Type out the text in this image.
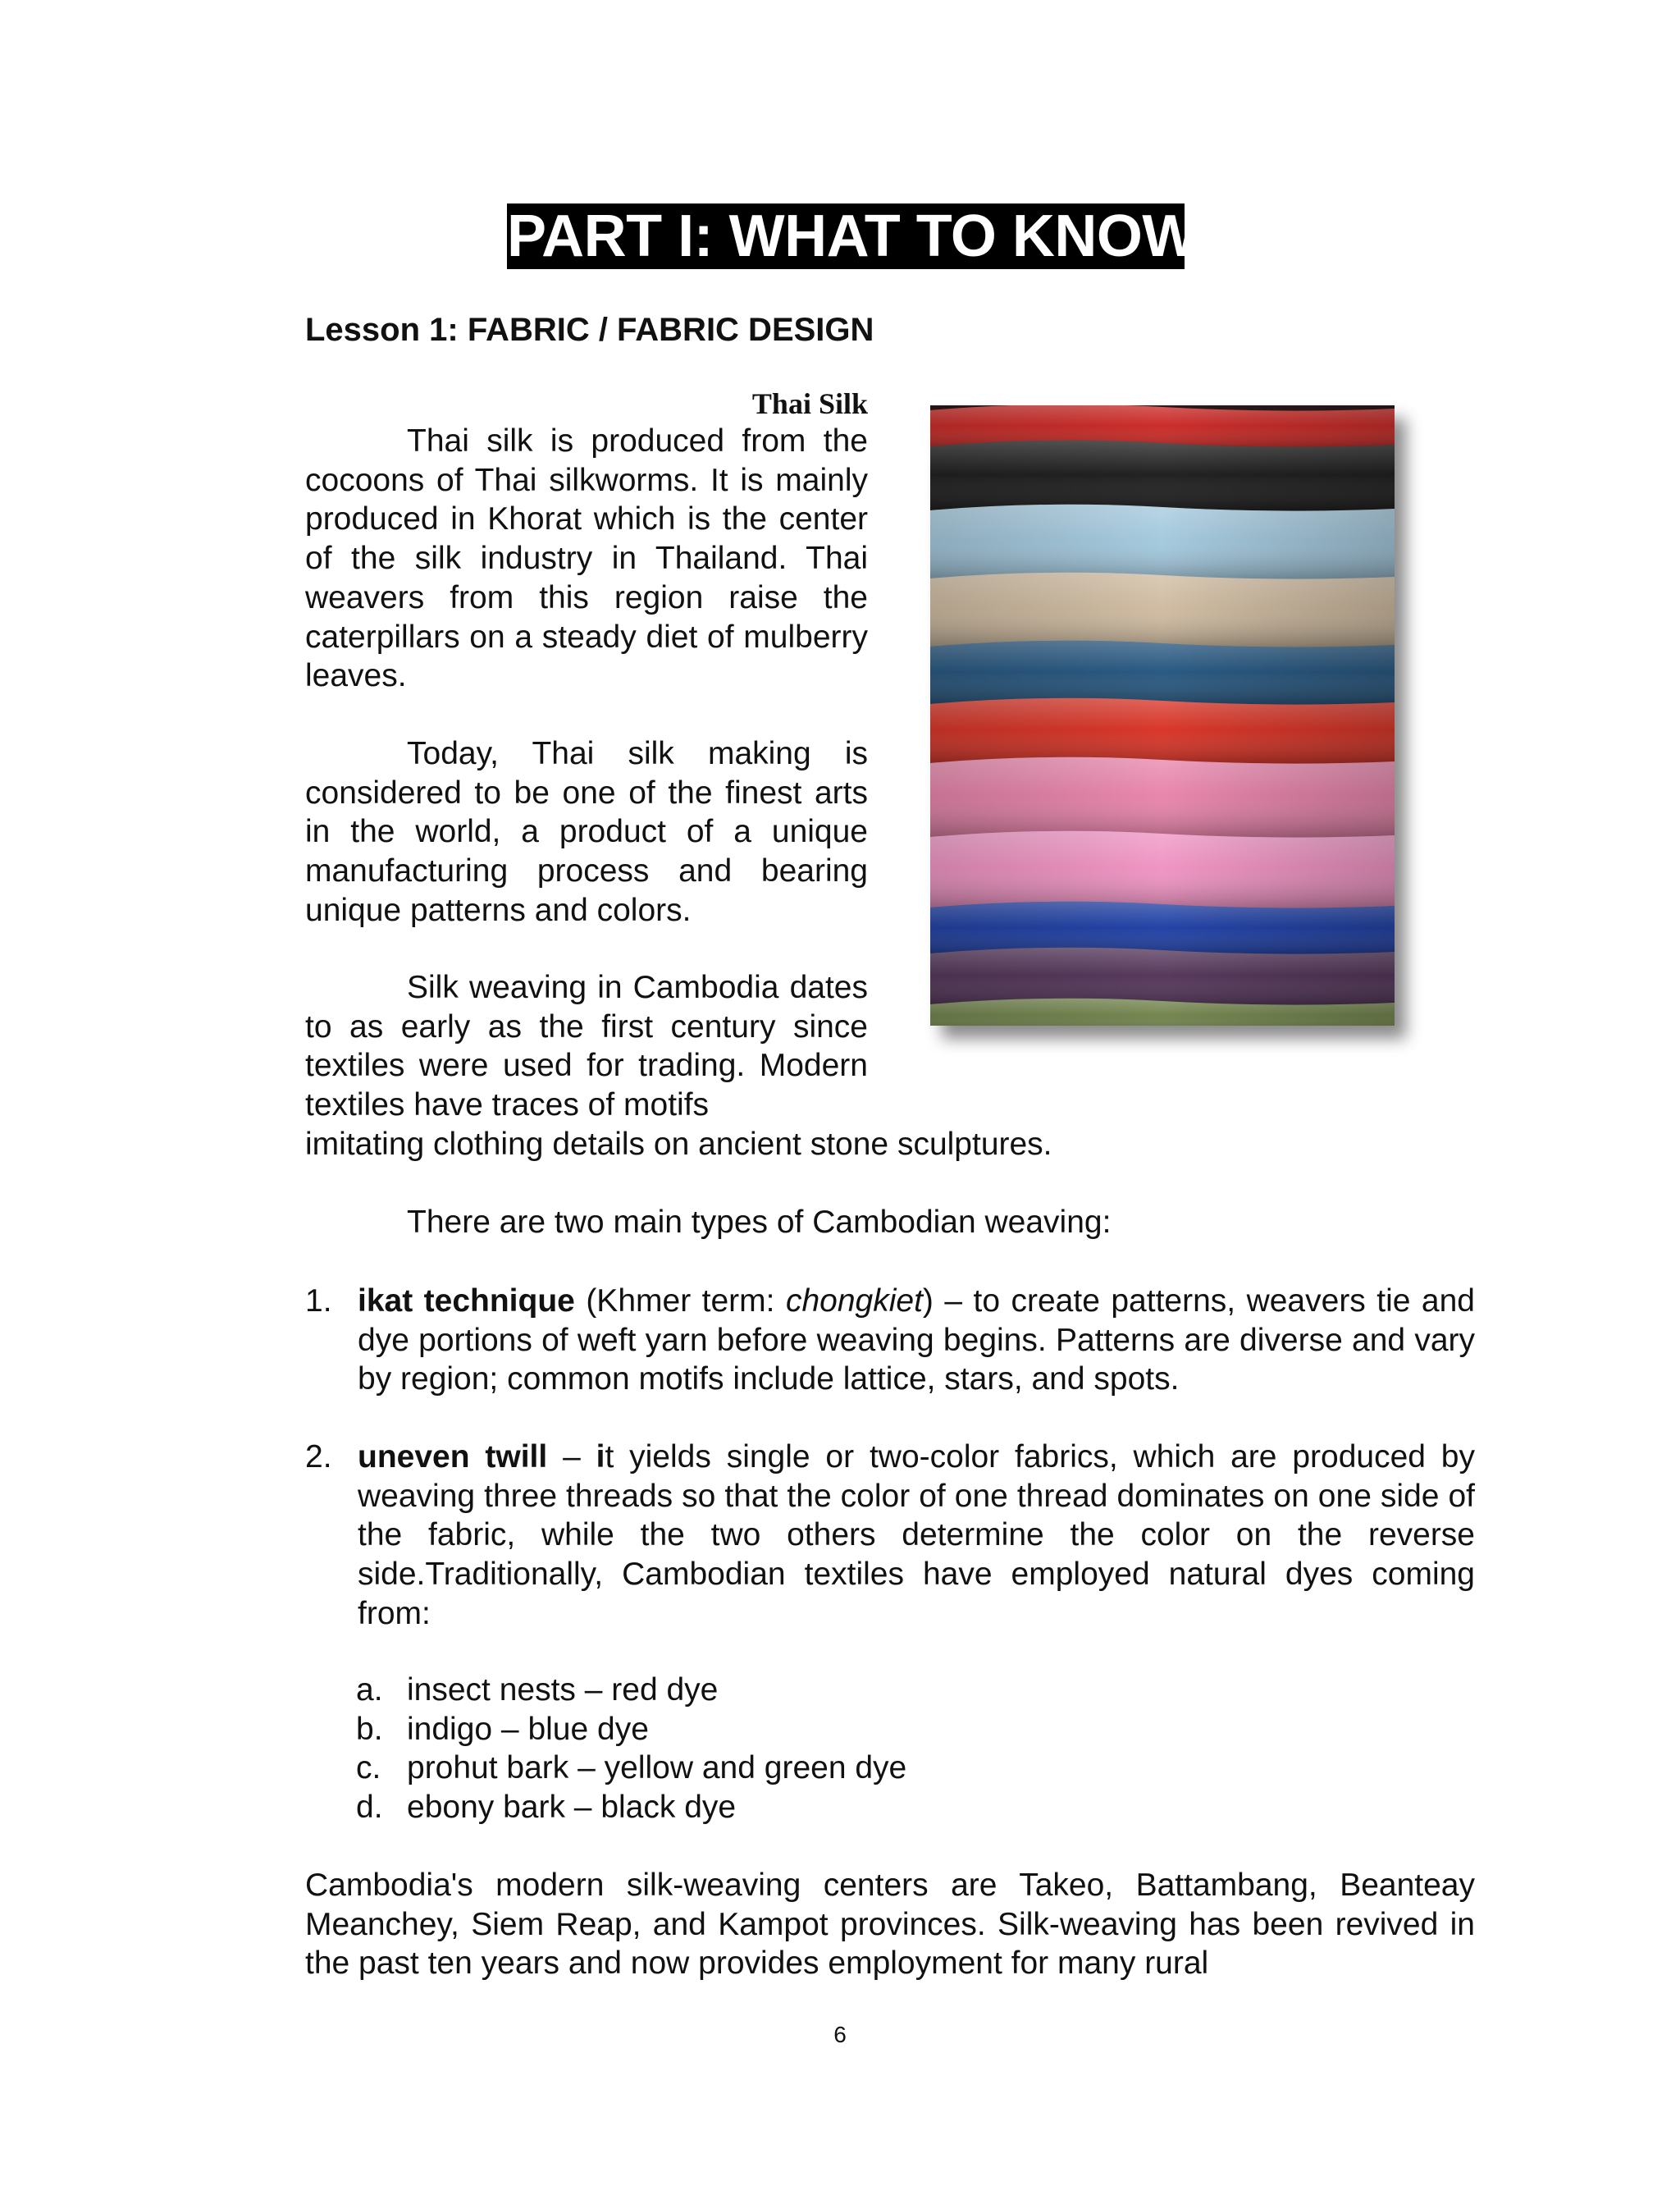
PART I: WHAT TO KNOW
Lesson 1: FABRIC / FABRIC DESIGN
Thai Silk
Thai silk is produced from the cocoons of Thai silkworms. It is mainly produced in Khorat which is the center of the silk industry in Thailand. Thai weavers from this region raise the caterpillars on a steady diet of mulberry leaves.
Today, Thai silk making is considered to be one of the finest arts in the world, a product of a unique manufacturing process and bearing unique patterns and colors.
Silk weaving in Cambodia dates to as early as the first century since textiles were used for trading. Modern textiles have traces of motifs
imitating clothing details on ancient stone sculptures.
There are two main types of Cambodian weaving:
1. ikat technique (Khmer term: chongkiet) – to create patterns, weavers tie and dye portions of weft yarn before weaving begins. Patterns are diverse and vary by region; common motifs include lattice, stars, and spots.
2. uneven twill – it yields single or two-color fabrics, which are produced by weaving three threads so that the color of one thread dominates on one side of the fabric, while the two others determine the color on the reverse side.Traditionally, Cambodian textiles have employed natural dyes coming from:
a. insect nests – red dye
b. indigo – blue dye
c. prohut bark – yellow and green dye
d. ebony bark – black dye
Cambodia's modern silk-weaving centers are Takeo, Battambang, Beanteay Meanchey, Siem Reap, and Kampot provinces. Silk-weaving has been revived in the past ten years and now provides employment for many rural
6
